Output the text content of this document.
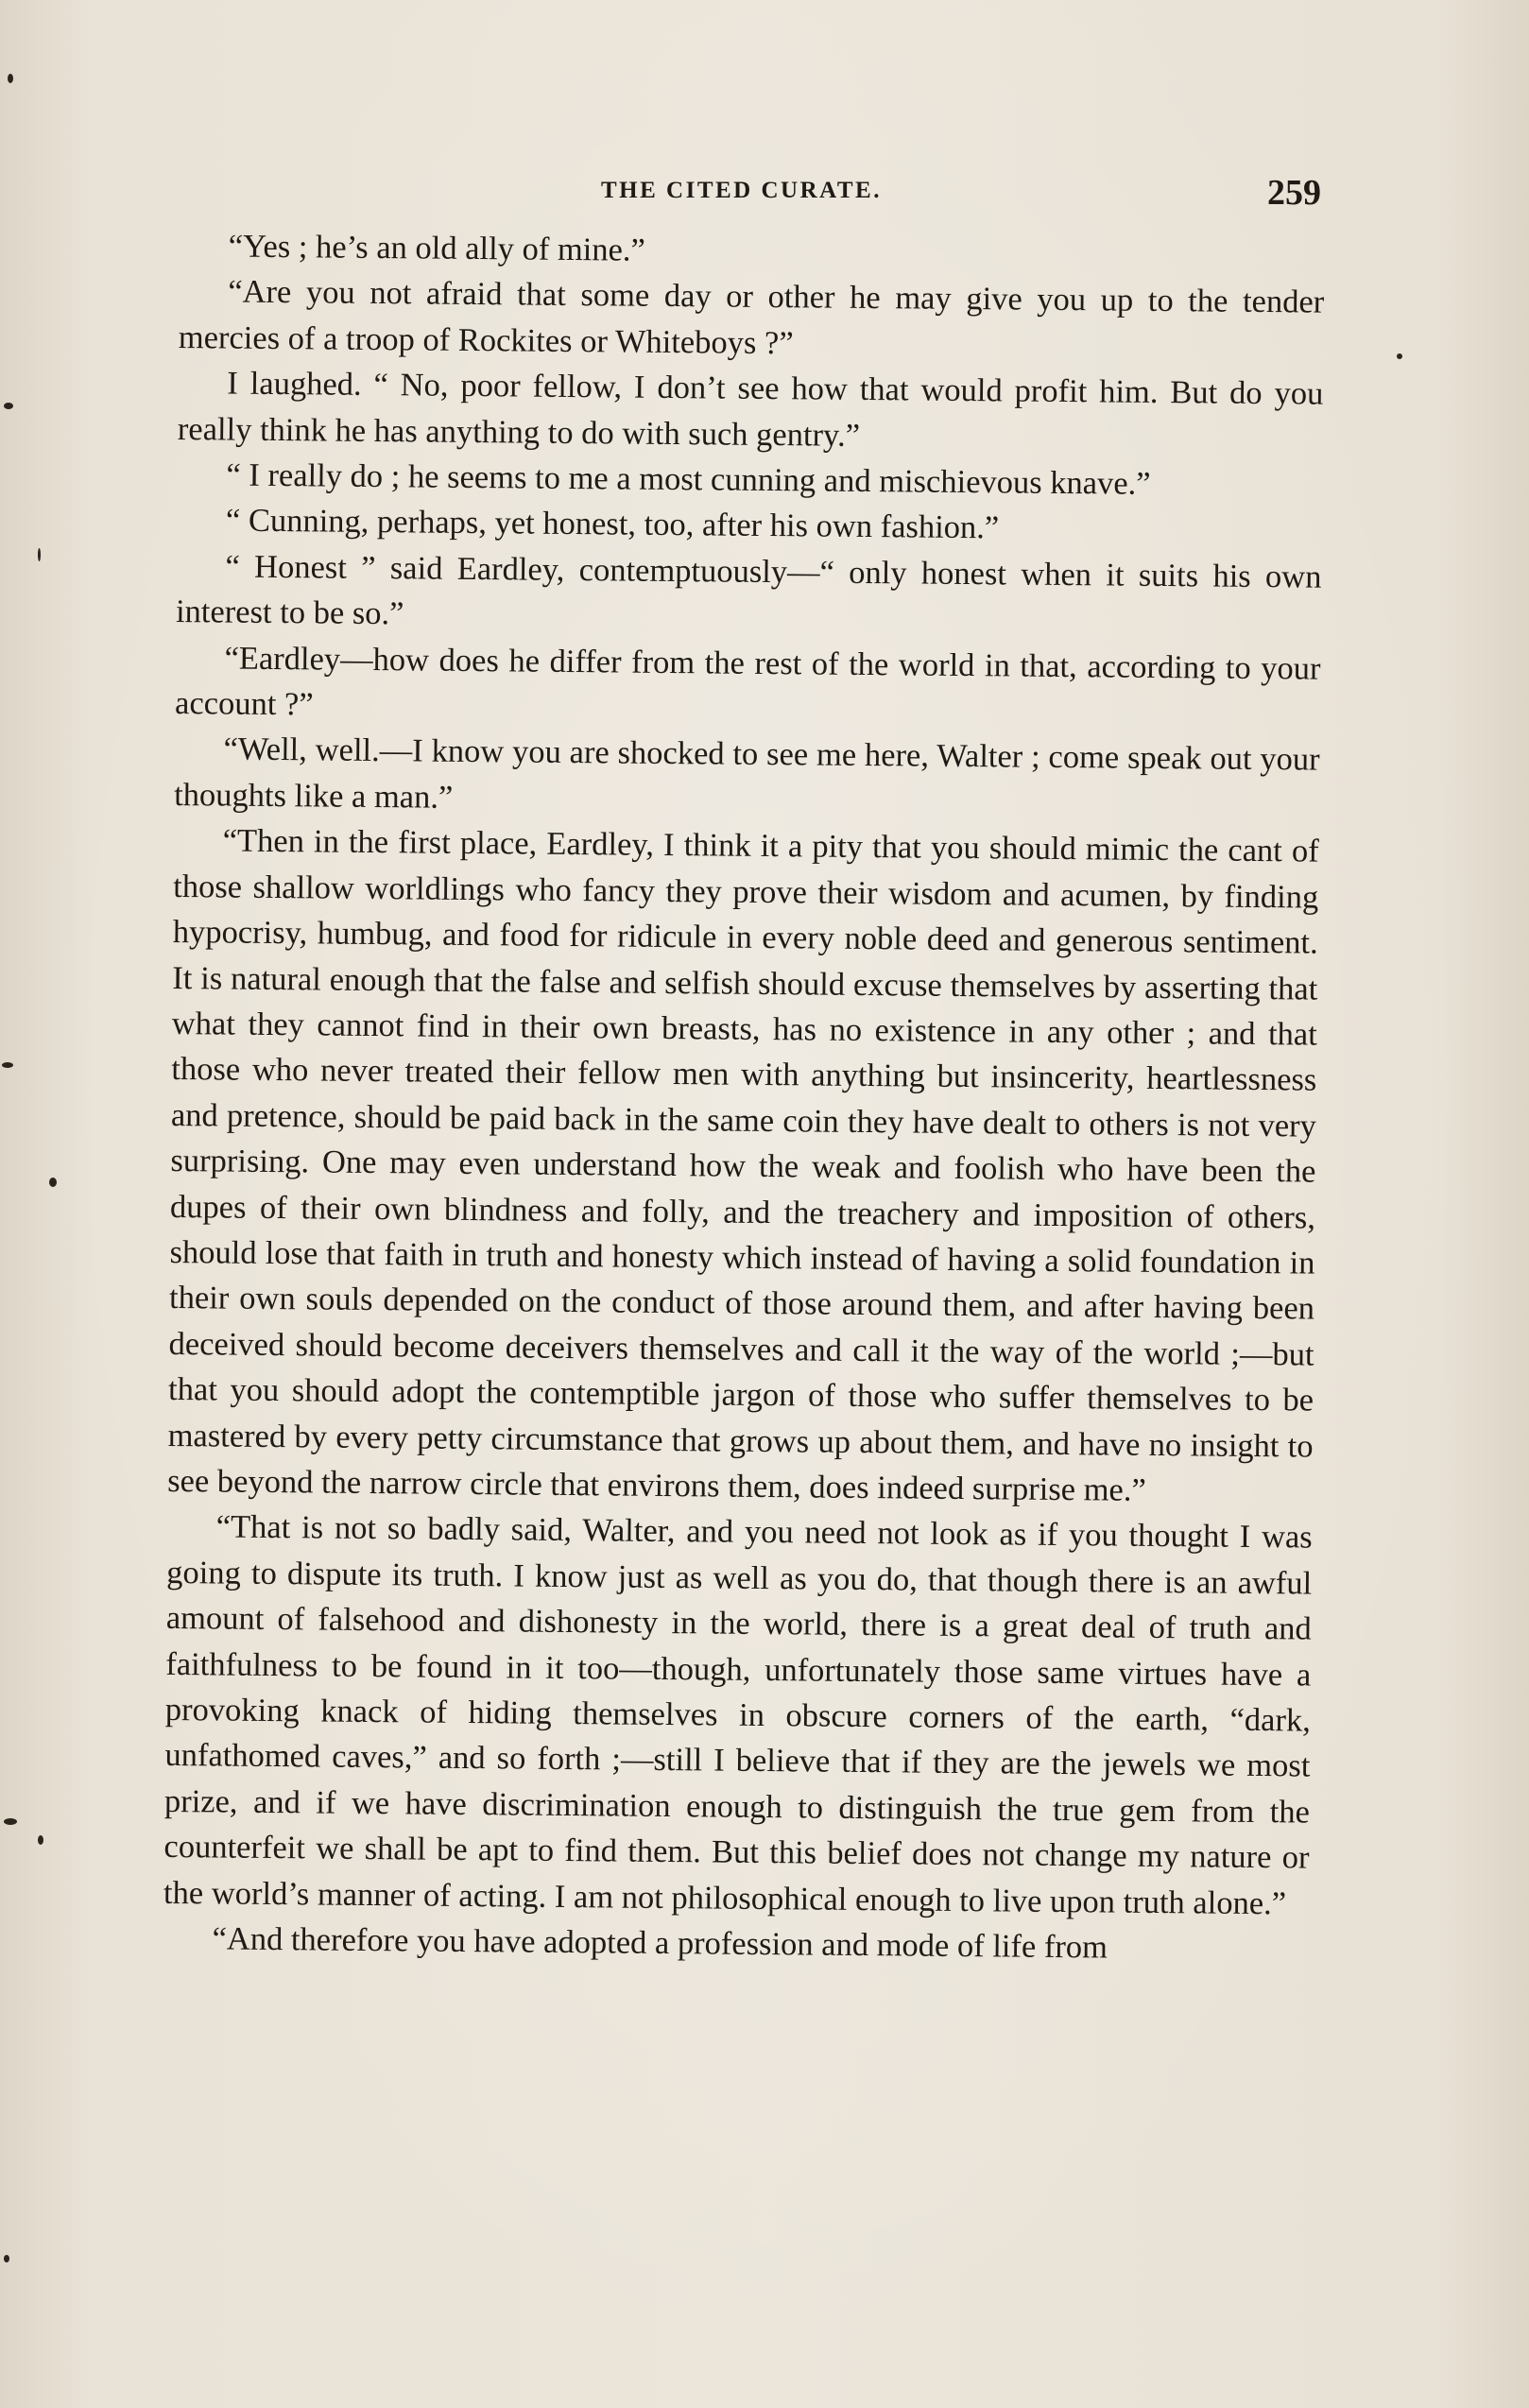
THE CITED CURATE.	259

“Yes ; he’s an old ally of mine.”

“Are you not afraid that some day or other he may give you up to the tender mercies of a troop of Rockites or Whiteboys ?”

I laughed. “ No, poor fellow, I don’t see how that would profit him. But do you really think he has anything to do with such gentry.”

“ I really do ; he seems to me a most cunning and mischievous knave.”

“ Cunning, perhaps, yet honest, too, after his own fashion.”

“ Honest ” said Eardley, contemptuously—“ only honest when it suits his own interest to be so.”

“Eardley—how does he differ from the rest of the world in that, according to your account ?”

“Well, well.—I know you are shocked to see me here, Walter ; come speak out your thoughts like a man.”

“Then in the first place, Eardley, I think it a pity that you should mimic the cant of those shallow worldlings who fancy they prove their wisdom and acumen, by finding hypocrisy, humbug, and food for ridicule in every noble deed and generous sentiment. It is natural enough that the false and selfish should excuse themselves by asserting that what they cannot find in their own breasts, has no existence in any other ; and that those who never treated their fellow men with anything but insincerity, heartlessness and pretence, should be paid back in the same coin they have dealt to others is not very surprising. One may even understand how the weak and foolish who have been the dupes of their own blindness and folly, and the treachery and imposition of others, should lose that faith in truth and honesty which instead of having a solid foundation in their own souls depended on the conduct of those around them, and after having been deceived should become deceivers themselves and call it the way of the world ;—but that you should adopt the contemptible jargon of those who suffer themselves to be mastered by every petty circumstance that grows up about them, and have no insight to see beyond the narrow circle that environs them, does indeed surprise me.”

“That is not so badly said, Walter, and you need not look as if you thought I was going to dispute its truth. I know just as well as you do, that though there is an awful amount of falsehood and dishonesty in the world, there is a great deal of truth and faithfulness to be found in it too—though, unfortunately those same virtues have a provoking knack of hiding themselves in obscure corners of the earth, “dark, unfathomed caves,” and so forth ;—still I believe that if they are the jewels we most prize, and if we have discrimination enough to distinguish the true gem from the counterfeit we shall be apt to find them. But this belief does not change my nature or the world’s manner of acting. I am not philosophical enough to live upon truth alone.”

“And therefore you have adopted a profession and mode of life from
